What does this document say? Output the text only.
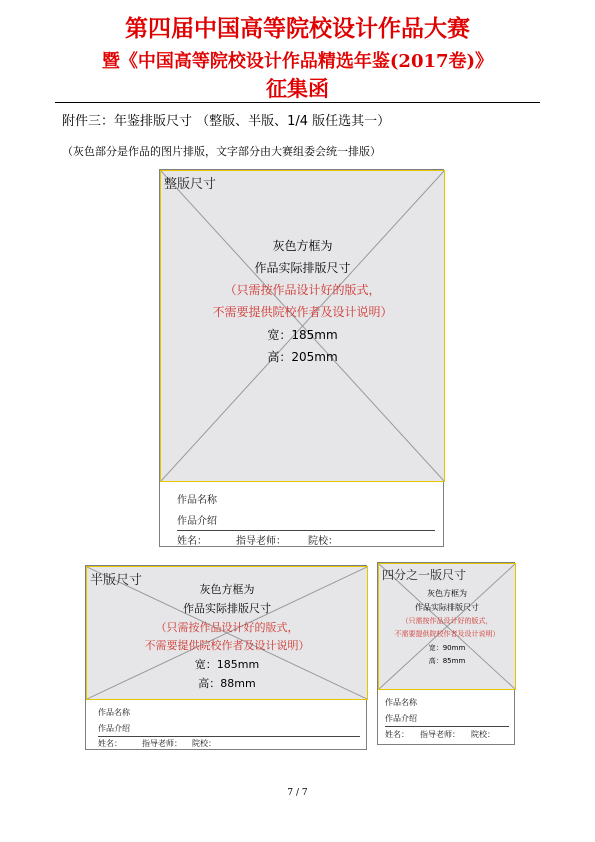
第四届中国高等院校设计作品大赛
暨《中国高等院校设计作品精选年鉴(2017卷)》
征集函
附件三：年鉴排版尺寸 （整版、半版、1/4 版任选其一）
（灰色部分是作品的图片排版，文字部分由大赛组委会统一排版）
整版尺寸
灰色方框为
作品实际排版尺寸
（只需按作品设计好的版式，
不需要提供院校作者及设计说明）
宽：185mm
高：205mm
作品名称
作品介绍
姓名：	指导老师： 院校：
半版尺寸
灰色方框为
作品实际排版尺寸
（只需按作品设计好的版式，
不需要提供院校作者及设计说明）
宽：185mm
高：88mm
作品名称
作品介绍
姓名：	指导老师： 院校：
四分之一版尺寸
灰色方框为
作品实际排版尺寸
（只需按作品设计好的版式，
不需要提供院校作者及设计说明）
宽：90mm
高：85mm
作品名称
作品介绍
姓名： 指导老师： 院校：
7 / 7
